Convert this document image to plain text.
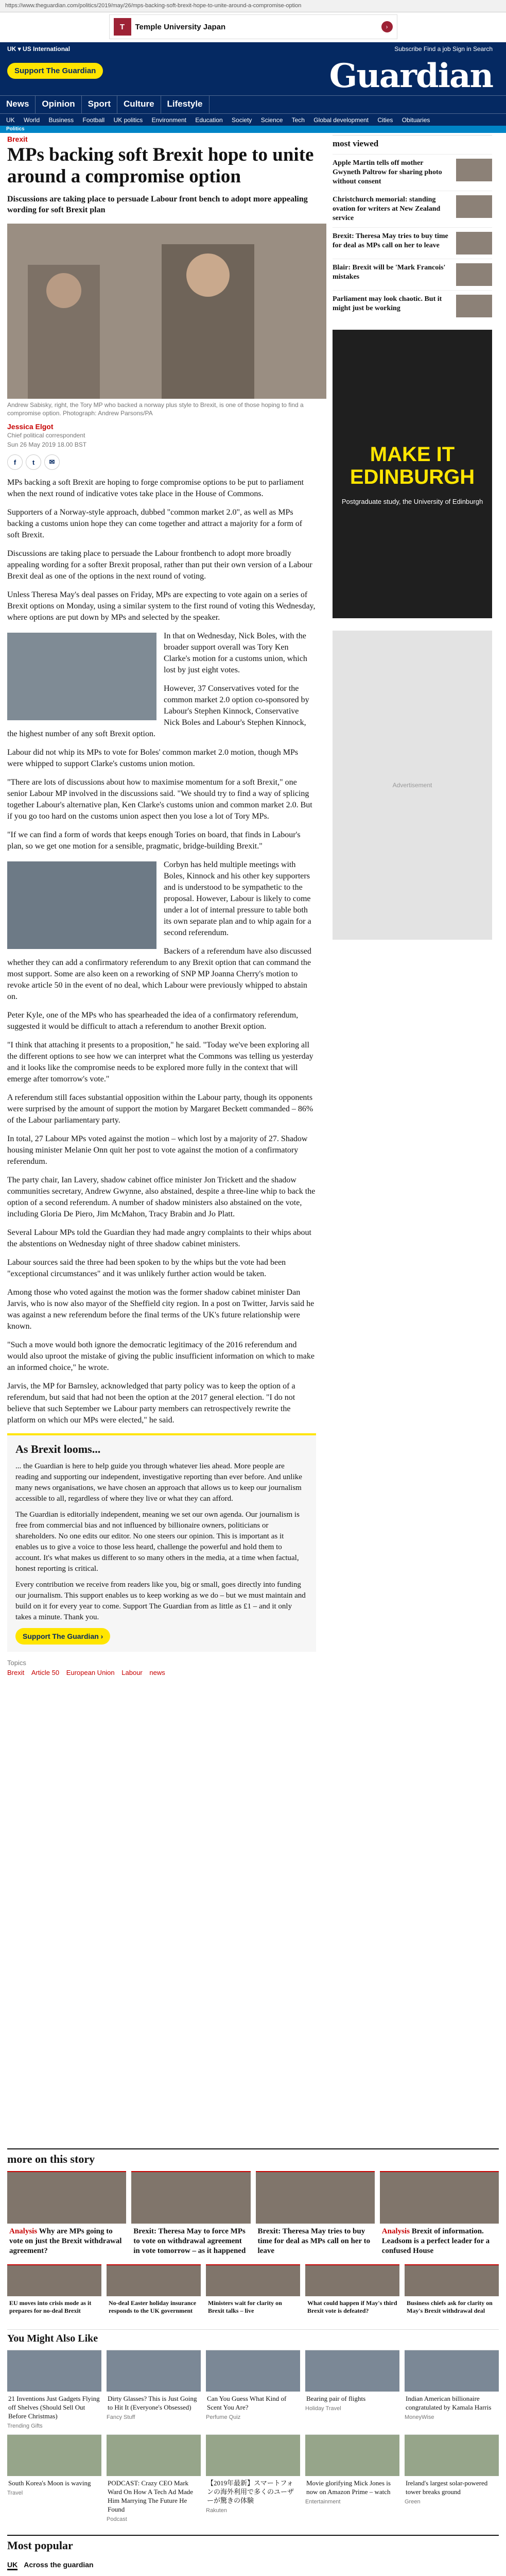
https://www.theguardian.com/politics/2019/may/26/mps-backing-soft-brexit-hope-to-unite-around-a-compromise-option
T	Temple University Japan	›
UK ▾ US International
Support The Guardian
Subscribe Find a job Sign in Search
Guardian
News	Opinion	Sport	Culture	Lifestyle
UK World Business Football UK politics Environment Education Society Science Tech Global development Cities Obituaries
Politics
Brexit
MPs backing soft Brexit hope to unite around a compromise option
Discussions are taking place to persuade Labour front bench to adopt more appealing wording for soft Brexit plan
Andrew Sabisky, right, the Tory MP who backed a norway plus style to Brexit, is one of those hoping to find a compromise option. Photograph: Andrew Parsons/PA
Jessica Elgot
Chief political correspondent
Sun 26 May 2019 18.00 BST
f	t	✉

MPs backing a soft Brexit are hoping to forge compromise options to be put to parliament when the next round of indicative votes take place in the House of Commons.

Supporters of a Norway-style approach, dubbed "common market 2.0", as well as MPs backing a customs union hope they can come together and attract a majority for a form of soft Brexit.

Discussions are taking place to persuade the Labour frontbench to adopt more broadly appealing wording for a softer Brexit proposal, rather than put their own version of a Labour Brexit deal as one of the options in the next round of voting.

Unless Theresa May's deal passes on Friday, MPs are expecting to vote again on a series of Brexit options on Monday, using a similar system to the first round of voting this Wednesday, where options are put down by MPs and selected by the speaker.

In that on Wednesday, Nick Boles, with the broader support overall was Tory Ken Clarke's motion for a customs union, which lost by just eight votes.

However, 37 Conservatives voted for the common market 2.0 option co-sponsored by Labour's Stephen Kinnock, Conservative Nick Boles and Labour's Stephen Kinnock, the highest number of any soft Brexit option.

Labour did not whip its MPs to vote for Boles' common market 2.0 motion, though MPs were whipped to support Clarke's customs union motion.

"There are lots of discussions about how to maximise momentum for a soft Brexit," one senior Labour MP involved in the discussions said. "We should try to find a way of splicing together Labour's alternative plan, Ken Clarke's customs union and common market 2.0. But if you go too hard on the customs union aspect then you lose a lot of Tory MPs.

"If we can find a form of words that keeps enough Tories on board, that finds in Labour's plan, so we get one motion for a sensible, pragmatic, bridge-building Brexit."

Corbyn has held multiple meetings with Boles, Kinnock and his other key supporters and is understood to be sympathetic to the proposal. However, Labour is likely to come under a lot of internal pressure to table both its own separate plan and to whip again for a second referendum.

Backers of a referendum have also discussed whether they can add a confirmatory referendum to any Brexit option that can command the most support. Some are also keen on a reworking of SNP MP Joanna Cherry's motion to revoke article 50 in the event of no deal, which Labour were previously whipped to abstain on.

Peter Kyle, one of the MPs who has spearheaded the idea of a confirmatory referendum, suggested it would be difficult to attach a referendum to another Brexit option.

"I think that attaching it presents to a proposition," he said. "Today we've been exploring all the different options to see how we can interpret what the Commons was telling us yesterday and it looks like the compromise needs to be explored more fully in the context that will emerge after tomorrow's vote."

A referendum still faces substantial opposition within the Labour party, though its opponents were surprised by the amount of support the motion by Margaret Beckett commanded – 86% of the Labour parliamentary party.

In total, 27 Labour MPs voted against the motion – which lost by a majority of 27. Shadow housing minister Melanie Onn quit her post to vote against the motion of a confirmatory referendum.

The party chair, Ian Lavery, shadow cabinet office minister Jon Trickett and the shadow communities secretary, Andrew Gwynne, also abstained, despite a three-line whip to back the option of a second referendum. A number of shadow ministers also abstained on the vote, including Gloria De Piero, Jim McMahon, Tracy Brabin and Jo Platt.

Several Labour MPs told the Guardian they had made angry complaints to their whips about the abstentions on Wednesday night of three shadow cabinet ministers.

Labour sources said the three had been spoken to by the whips but the vote had been "exceptional circumstances" and it was unlikely further action would be taken.

Among those who voted against the motion was the former shadow cabinet minister Dan Jarvis, who is now also mayor of the Sheffield city region. In a post on Twitter, Jarvis said he was against a new referendum before the final terms of the UK's future relationship were known.

"Such a move would both ignore the democratic legitimacy of the 2016 referendum and would also uproot the mistake of giving the public insufficient information on which to make an informed choice," he wrote.

Jarvis, the MP for Barnsley, acknowledged that party policy was to keep the option of a referendum, but said that had not been the option at the 2017 general election. "I do not believe that such September we Labour party members can retrospectively rewrite the platform on which our MPs were elected," he said.

As Brexit looms...

... the Guardian is here to help guide you through whatever lies ahead. More people are reading and supporting our independent, investigative reporting than ever before. And unlike many news organisations, we have chosen an approach that allows us to keep our journalism accessible to all, regardless of where they live or what they can afford.

The Guardian is editorially independent, meaning we set our own agenda. Our journalism is free from commercial bias and not influenced by billionaire owners, politicians or shareholders. No one edits our editor. No one steers our opinion. This is important as it enables us to give a voice to those less heard, challenge the powerful and hold them to account. It's what makes us different to so many others in the media, at a time when factual, honest reporting is critical.

Every contribution we receive from readers like you, big or small, goes directly into funding our journalism. This support enables us to keep working as we do – but we must maintain and build on it for every year to come. Support The Guardian from as little as £1 – and it only takes a minute. Thank you.

Support The Guardian ›
Topics
Brexit Article 50 European Union Labour news
most viewed
Apple Martin tells off mother Gwyneth Paltrow for sharing photo without consent
Christchurch memorial: standing ovation for writers at New Zealand service
Brexit: Theresa May tries to buy time for deal as MPs call on her to leave
Blair: Brexit will be 'Mark Francois' mistakes
Parliament may look chaotic. But it might just be working
MAKE IT EDINBURGH
Postgraduate study, the University of Edinburgh
Advertisement
more on this story
Analysis Why are MPs going to vote on just the Brexit withdrawal agreement?
Brexit: Theresa May to force MPs to vote on withdrawal agreement in vote tomorrow – as it happened
Brexit: Theresa May tries to buy time for deal as MPs call on her to leave
Analysis Brexit of information. Leadsom is a perfect leader for a confused House
EU moves into crisis mode as it prepares for no-deal Brexit
No-deal Easter holiday insurance responds to the UK government
Ministers wait for clarity on Brexit talks – live
What could happen if May's third Brexit vote is defeated?
Business chiefs ask for clarity on May's Brexit withdrawal deal
You Might Also Like
21 Inventions Just Gadgets Flying off Shelves (Should Sell Out Before Christmas)
Trending Gifts
Dirty Glasses? This is Just Going to Hit It (Everyone's Obsessed)
Fancy Stuff
Can You Guess What Kind of Scent You Are?
Perfume Quiz
Bearing pair of flights
Holiday Travel
Indian American billionaire congratulated by Kamala Harris
MoneyWise
South Korea's Moon is waving
Travel
PODCAST: Crazy CEO Mark Ward On How A Tech Ad Made Him Marrying The Future He Found
Podcast
【2019年最新】スマートフォンの海外利用で多くのユーザーが驚きの体験
Rakuten
Movie glorifying Mick Jones is now on Amazon Prime – watch
Entertainment
Ireland's largest solar-powered tower breaks ground
Green
Most popular
UK Across the guardian
